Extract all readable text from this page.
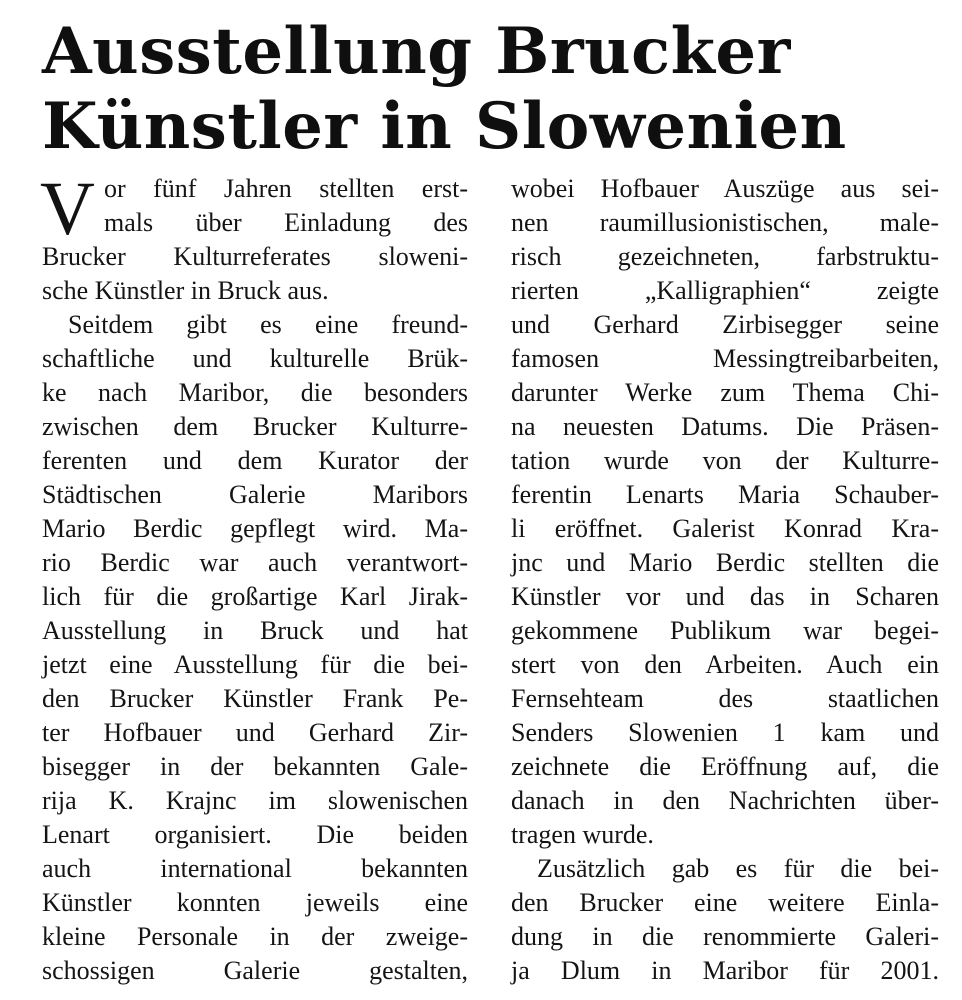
Ausstellung Brucker
Künstler in Slowenien
V or fünf Jahren stellten erst-
mals über Einladung des
Brucker Kulturreferates sloweni-
sche Künstler in Bruck aus.
Seitdem gibt es eine freund-
schaftliche und kulturelle Brük-
ke nach Maribor, die besonders
zwischen dem Brucker Kulturre-
ferenten und dem Kurator der
Städtischen Galerie Maribors
Mario Berdic gepflegt wird. Ma-
rio Berdic war auch verantwort-
lich für die großartige Karl Jirak-
Ausstellung in Bruck und hat
jetzt eine Ausstellung für die bei-
den Brucker Künstler Frank Pe-
ter Hofbauer und Gerhard Zir-
bisegger in der bekannten Gale-
rija K. Krajnc im slowenischen
Lenart organisiert. Die beiden
auch international bekannten
Künstler konnten jeweils eine
kleine Personale in der zweige-
schossigen Galerie gestalten,
wobei Hofbauer Auszüge aus sei-
nen raumillusionistischen, male-
risch gezeichneten, farbstruktu-
rierten „Kalligraphien“ zeigte
und Gerhard Zirbisegger seine
famosen Messingtreibarbeiten,
darunter Werke zum Thema Chi-
na neuesten Datums. Die Präsen-
tation wurde von der Kulturre-
ferentin Lenarts Maria Schauber-
li eröffnet. Galerist Konrad Kra-
jnc und Mario Berdic stellten die
Künstler vor und das in Scharen
gekommene Publikum war begei-
stert von den Arbeiten. Auch ein
Fernsehteam des staatlichen
Senders Slowenien 1 kam und
zeichnete die Eröffnung auf, die
danach in den Nachrichten über-
tragen wurde.
Zusätzlich gab es für die bei-
den Brucker eine weitere Einla-
dung in die renommierte Galeri-
ja Dlum in Maribor für 2001.
